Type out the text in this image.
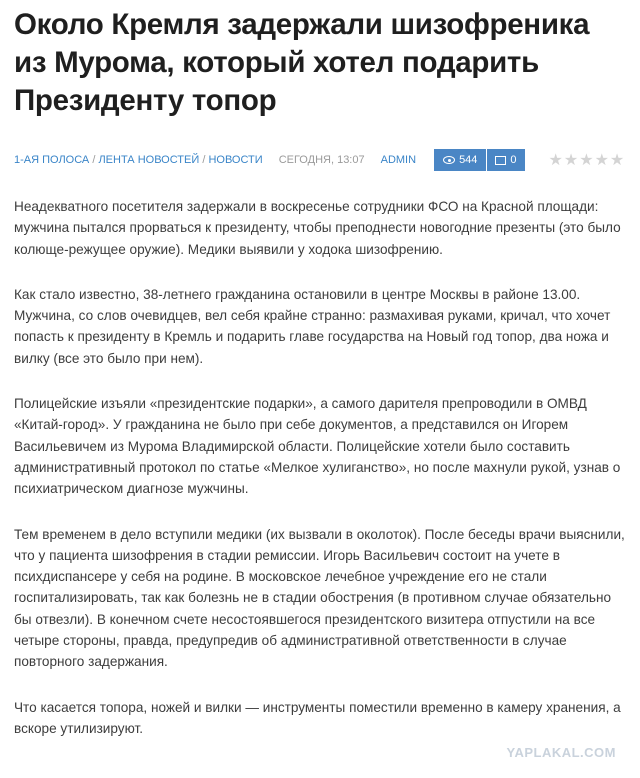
Около Кремля задержали шизофреника из Мурома, который хотел подарить Президенту топор
1-АЯ ПОЛОСА / ЛЕНТА НОВОСТЕЙ / НОВОСТИ СЕГОДНЯ, 13:07 ADMIN	544	0 ★★★★★

Неадекватного посетителя задержали в воскресенье сотрудники ФСО на Красной площади: мужчина пытался прорваться к президенту, чтобы преподнести новогодние презенты (это было колюще-режущее оружие). Медики выявили у ходока шизофрению.

Как стало известно, 38-летнего гражданина остановили в центре Москвы в районе 13.00. Мужчина, со слов очевидцев, вел себя крайне странно: размахивая руками, кричал, что хочет попасть к президенту в Кремль и подарить главе государства на Новый год топор, два ножа и вилку (все это было при нем).

Полицейские изъяли «президентские подарки», а самого дарителя препроводили в ОМВД «Китай-город». У гражданина не было при себе документов, а представился он Игорем Васильевичем из Мурома Владимирской области. Полицейские хотели было составить административный протокол по статье «Мелкое хулиганство», но после махнули рукой, узнав о психиатрическом диагнозе мужчины.

Тем временем в дело вступили медики (их вызвали в околоток). После беседы врачи выяснили, что у пациента шизофрения в стадии ремиссии. Игорь Васильевич состоит на учете в психдиспансере у себя на родине. В московское лечебное учреждение его не стали госпитализировать, так как болезнь не в стадии обострения (в противном случае обязательно бы отвезли). В конечном счете несостоявшегося президентского визитера отпустили на все четыре стороны, правда, предупредив об административной ответственности в случае повторного задержания.

Что касается топора, ножей и вилки — инструменты поместили временно в камеру хранения, а вскоре утилизируют.

YAPLAKAL.COM
